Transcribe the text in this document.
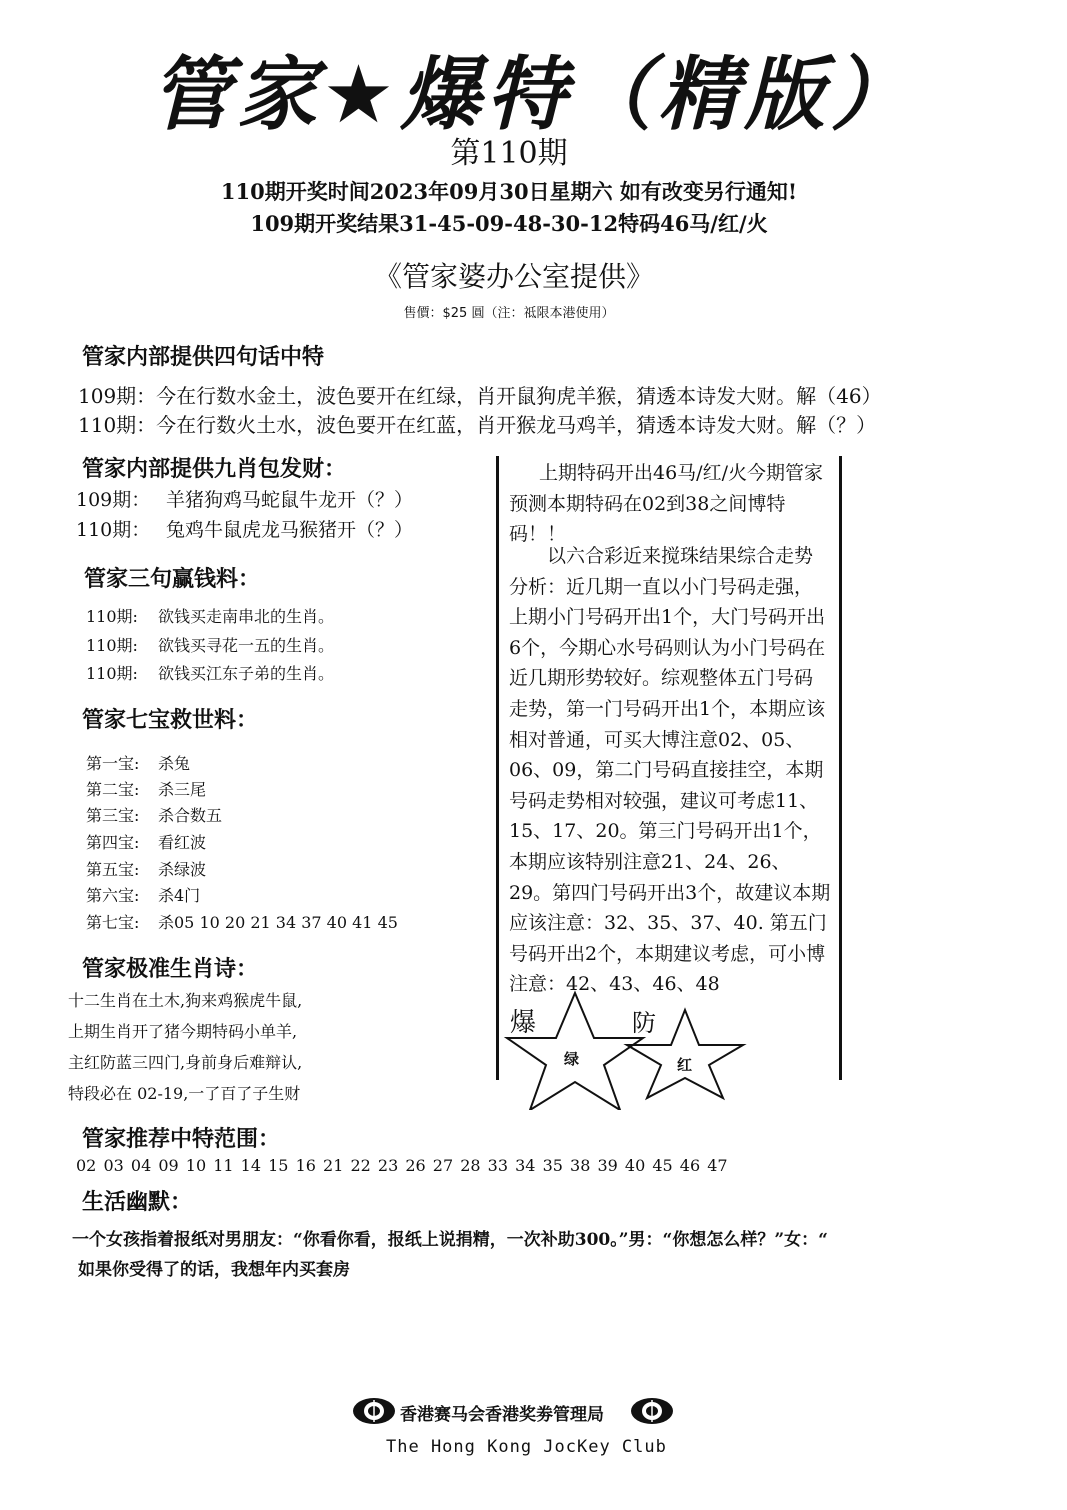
管家★爆特（精版）
第110期
110期开奖时间2023年09月30日星期六 如有改变另行通知!
109期开奖结果31-45-09-48-30-12特码46马/红/火
《管家婆办公室提供》
售價：$25 圓（注：祗限本港使用）
管家内部提供四句话中特
109期：今在行数水金土，波色要开在红绿，肖开鼠狗虎羊猴，猜透本诗发大财。解（46）
110期：今在行数火土水，波色要开在红蓝，肖开猴龙马鸡羊，猜透本诗发大财。解（？）
管家内部提供九肖包发财：
109期： 羊猪狗鸡马蛇鼠牛龙开（？）
110期： 兔鸡牛鼠虎龙马猴猪开（？）
管家三句赢钱料：
110期: 欲钱买走南串北的生肖。
110期: 欲钱买寻花一五的生肖。
110期: 欲钱买江东子弟的生肖。
管家七宝救世料：
第一宝: 杀兔
第二宝: 杀三尾
第三宝: 杀合数五
第四宝: 看红波
第五宝: 杀绿波
第六宝: 杀4门
第七宝: 杀05 10 20 21 34 37 40 41 45
管家极准生肖诗：
十二生肖在土木,狗来鸡猴虎牛鼠,
上期生肖开了猪今期特码小单羊,
主红防蓝三四门,身前身后难辩认,
特段必在 02-19,一了百了子生财
上期特码开出46马/红/火今期管家预测本期特码在02到38之间博特码！！
以六合彩近来搅珠结果综合走势分析：近几期一直以小门号码走强，上期小门号码开出1个，大门号码开出6个，今期心水号码则认为小门号码在近几期形势较好。综观整体五门号码走势，第一门号码开出1个，本期应该相对普通，可买大博注意02、05、06、09，第二门号码直接挂空，本期号码走势相对较强，建议可考虑11、15、17、20。第三门号码开出1个，本期应该特别注意21、24、26、29。第四门号码开出3个，故建议本期应该注意：32、35、37、40. 第五门号码开出2个，本期建议考虑，可小博注意：42、43、46、48
爆
绿
防
红
管家推荐中特范围：
02 03 04 09 10 11 14 15 16 21 22 23 26 27 28 33 34 35 38 39 40 45 46 47
生活幽默：
一个女孩指着报纸对男朋友：“你看你看，报纸上说捐精，一次补助300。”男：“你想怎么样？”女：“
如果你受得了的话，我想年内买套房
香港赛马会香港奖劵管理局
The Hong Kong JocKey Club
